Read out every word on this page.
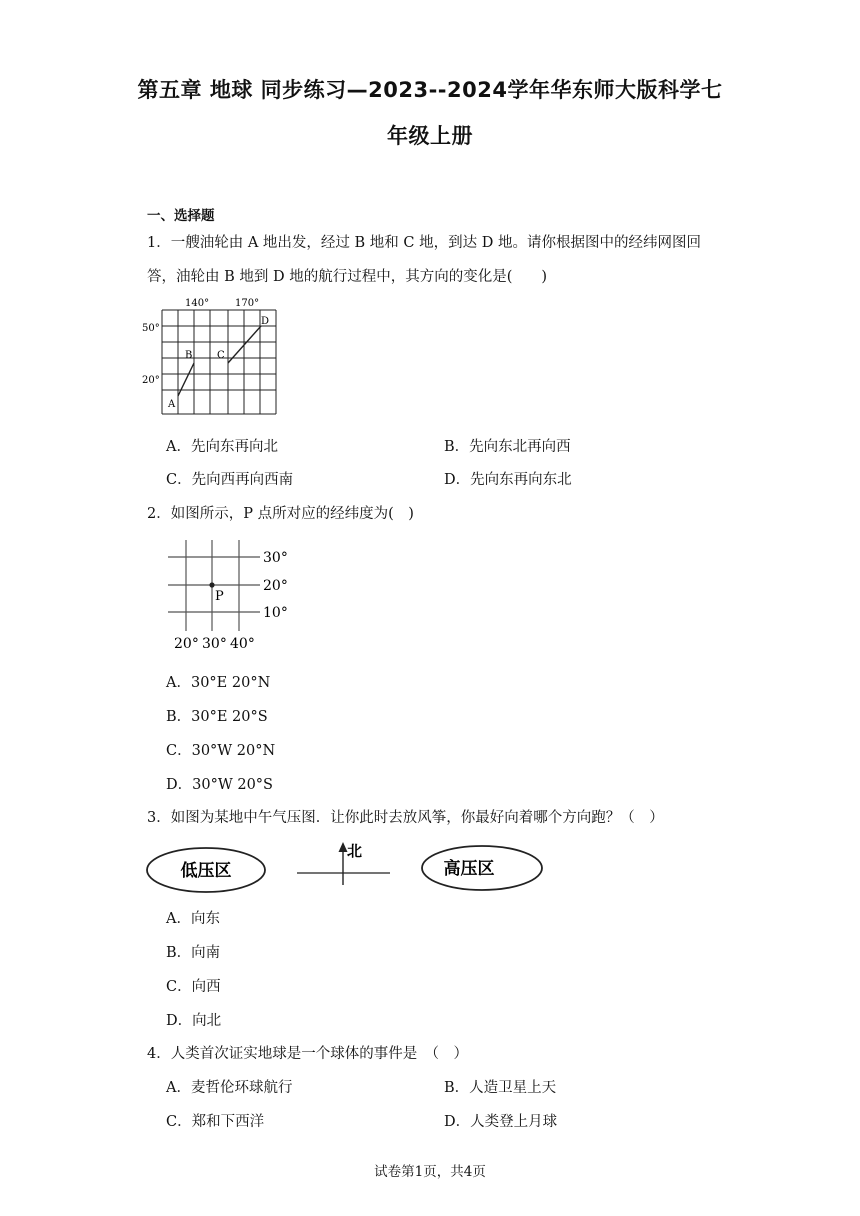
第五章 地球 同步练习—2023--2024学年华东师大版科学七
年级上册
一、选择题
1．一艘油轮由 A 地出发，经过 B 地和 C 地，到达 D 地。请你根据图中的经纬网图回
答，油轮由 B 地到 D 地的航行过程中，其方向的变化是(　　)
140°	170°
50°
20°
A
B C
D
A．先向东再向北	B．先向东北再向西
C．先向西再向西南	D．先向东再向东北
2．如图所示，P 点所对应的经纬度为(　)
P
30°
20°
10°
20° 30° 40°
A．30°E 20°N
B．30°E 20°S
C．30°W 20°N
D．30°W 20°S
3．如图为某地中午气压图．让你此时去放风筝，你最好向着哪个方向跑？（　）
低压区
北
高压区
A．向东
B．向南
C．向西
D．向北
4．人类首次证实地球是一个球体的事件是　（　）
A．麦哲伦环球航行	B．人造卫星上天
C．郑和下西洋	D．人类登上月球
试卷第1页，共4页
